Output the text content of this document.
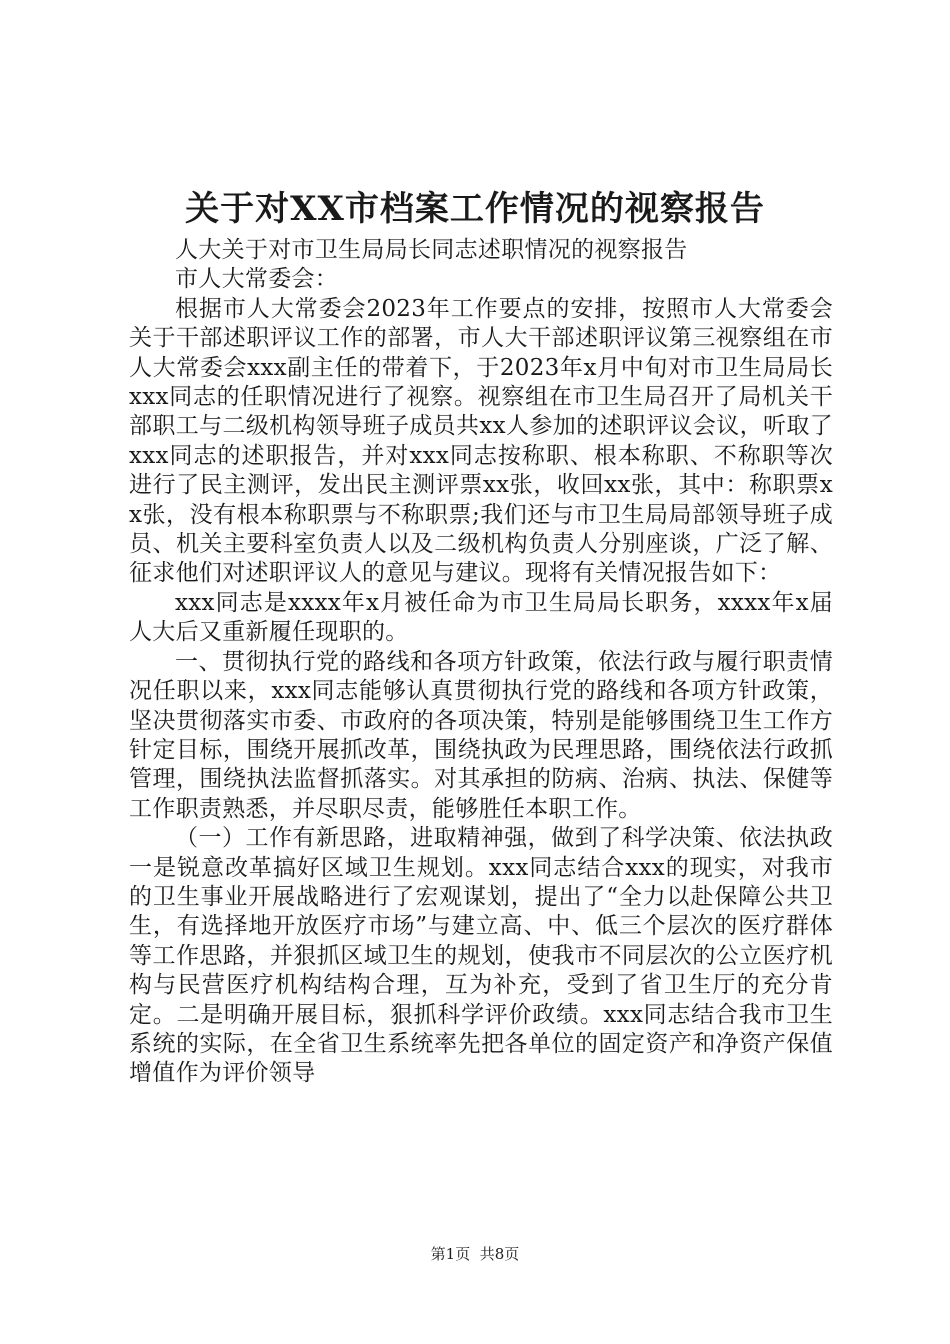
关于对XX市档案工作情况的视察报告

人大关于对市卫生局局长同志述职情况的视察报告

市人大常委会：

根据市人大常委会2023年工作要点的安排，按照市人大常委会关于干部述职评议工作的部署，市人大干部述职评议第三视察组在市人大常委会xxx副主任的带着下，于2023年x月中旬对市卫生局局长xxx同志的任职情况进行了视察。视察组在市卫生局召开了局机关干部职工与二级机构领导班子成员共xx人参加的述职评议会议，听取了xxx同志的述职报告，并对xxx同志按称职、根本称职、不称职等次进行了民主测评，发出民主测评票xx张，收回xx张，其中：称职票xx张，没有根本称职票与不称职票;我们还与市卫生局局部领导班子成员、机关主要科室负责人以及二级机构负责人分别座谈，广泛了解、征求他们对述职评议人的意见与建议。现将有关情况报告如下：

xxx同志是xxxx年x月被任命为市卫生局局长职务，xxxx年x届人大后又重新履任现职的。

一、贯彻执行党的路线和各项方针政策，依法行政与履行职责情况任职以来，xxx同志能够认真贯彻执行党的路线和各项方针政策，坚决贯彻落实市委、市政府的各项决策，特别是能够围绕卫生工作方针定目标，围绕开展抓改革，围绕执政为民理思路，围绕依法行政抓管理，围绕执法监督抓落实。对其承担的防病、治病、执法、保健等工作职责熟悉，并尽职尽责，能够胜任本职工作。

（一）工作有新思路，进取精神强，做到了科学决策、依法执政一是锐意改革搞好区域卫生规划。xxx同志结合xxx的现实，对我市的卫生事业开展战略进行了宏观谋划，提出了“全力以赴保障公共卫生，有选择地开放医疗市场”与建立高、中、低三个层次的医疗群体等工作思路，并狠抓区域卫生的规划，使我市不同层次的公立医疗机构与民营医疗机构结构合理，互为补充，受到了省卫生厅的充分肯定。二是明确开展目标，狠抓科学评价政绩。xxx同志结合我市卫生系统的实际，在全省卫生系统率先把各单位的固定资产和净资产保值增值作为评价领导

第1页 共8页
